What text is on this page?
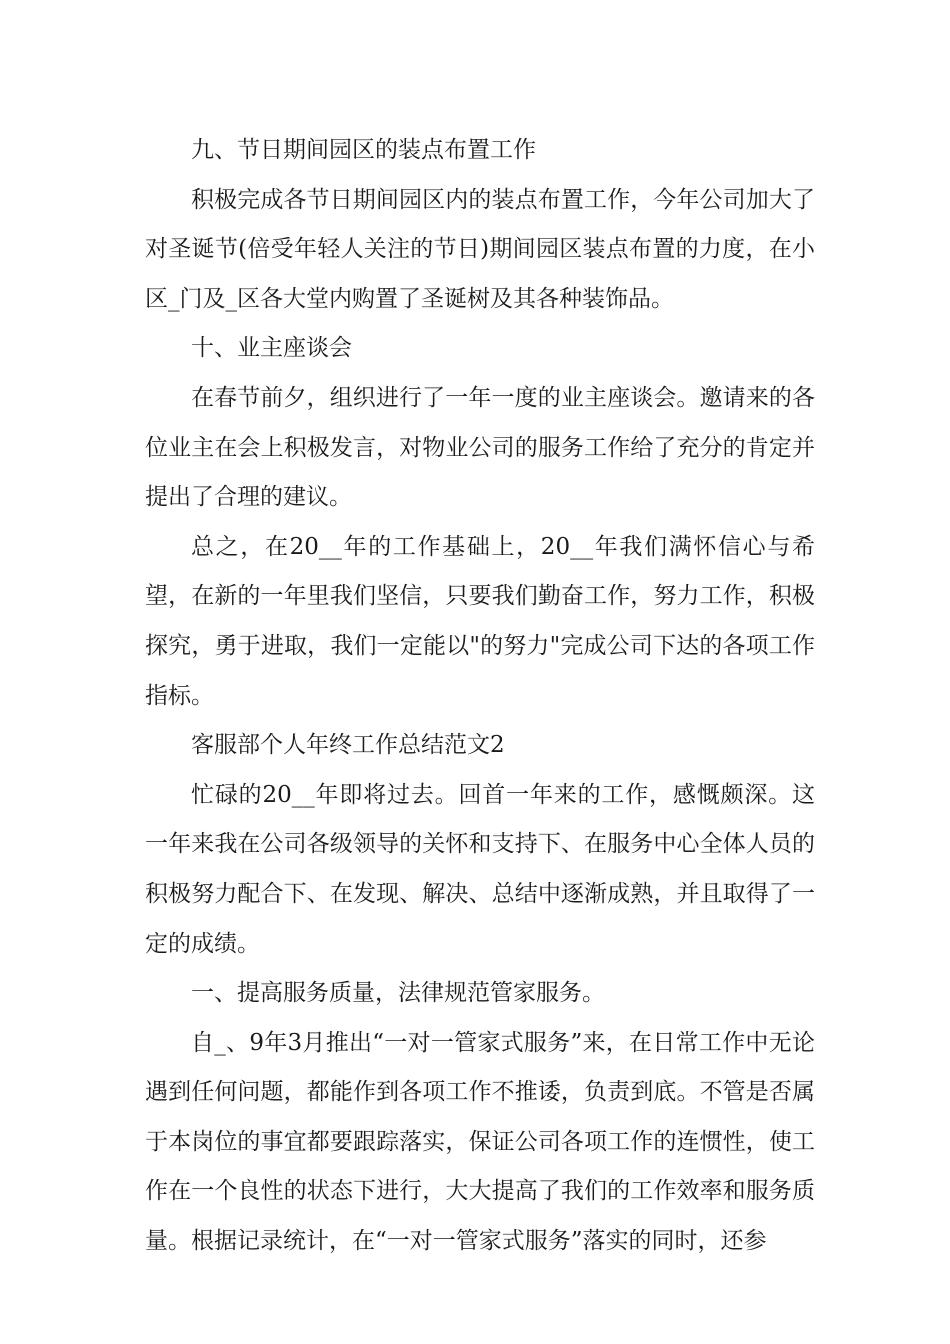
九、节日期间园区的装点布置工作

积极完成各节日期间园区内的装点布置工作，今年公司加大了对圣诞节(倍受年轻人关注的节日)期间园区装点布置的力度，在小区_门及_区各大堂内购置了圣诞树及其各种装饰品。

十、业主座谈会

在春节前夕，组织进行了一年一度的业主座谈会。邀请来的各位业主在会上积极发言，对物业公司的服务工作给了充分的肯定并提出了合理的建议。

总之，在20__年的工作基础上，20__年我们满怀信心与希望，在新的一年里我们坚信，只要我们勤奋工作，努力工作，积极探究，勇于进取，我们一定能以"的努力"完成公司下达的各项工作指标。

客服部个人年终工作总结范文2

忙碌的20__年即将过去。回首一年来的工作，感慨颇深。这一年来我在公司各级领导的关怀和支持下、在服务中心全体人员的积极努力配合下、在发现、解决、总结中逐渐成熟，并且取得了一定的成绩。

一、提高服务质量，法律规范管家服务。

自_、9年3月推出“一对一管家式服务”来，在日常工作中无论遇到任何问题，都能作到各项工作不推诿，负责到底。不管是否属于本岗位的事宜都要跟踪落实，保证公司各项工作的连惯性，使工作在一个良性的状态下进行，大大提高了我们的工作效率和服务质量。根据记录统计，在“一对一管家式服务”落实的同时，还参
